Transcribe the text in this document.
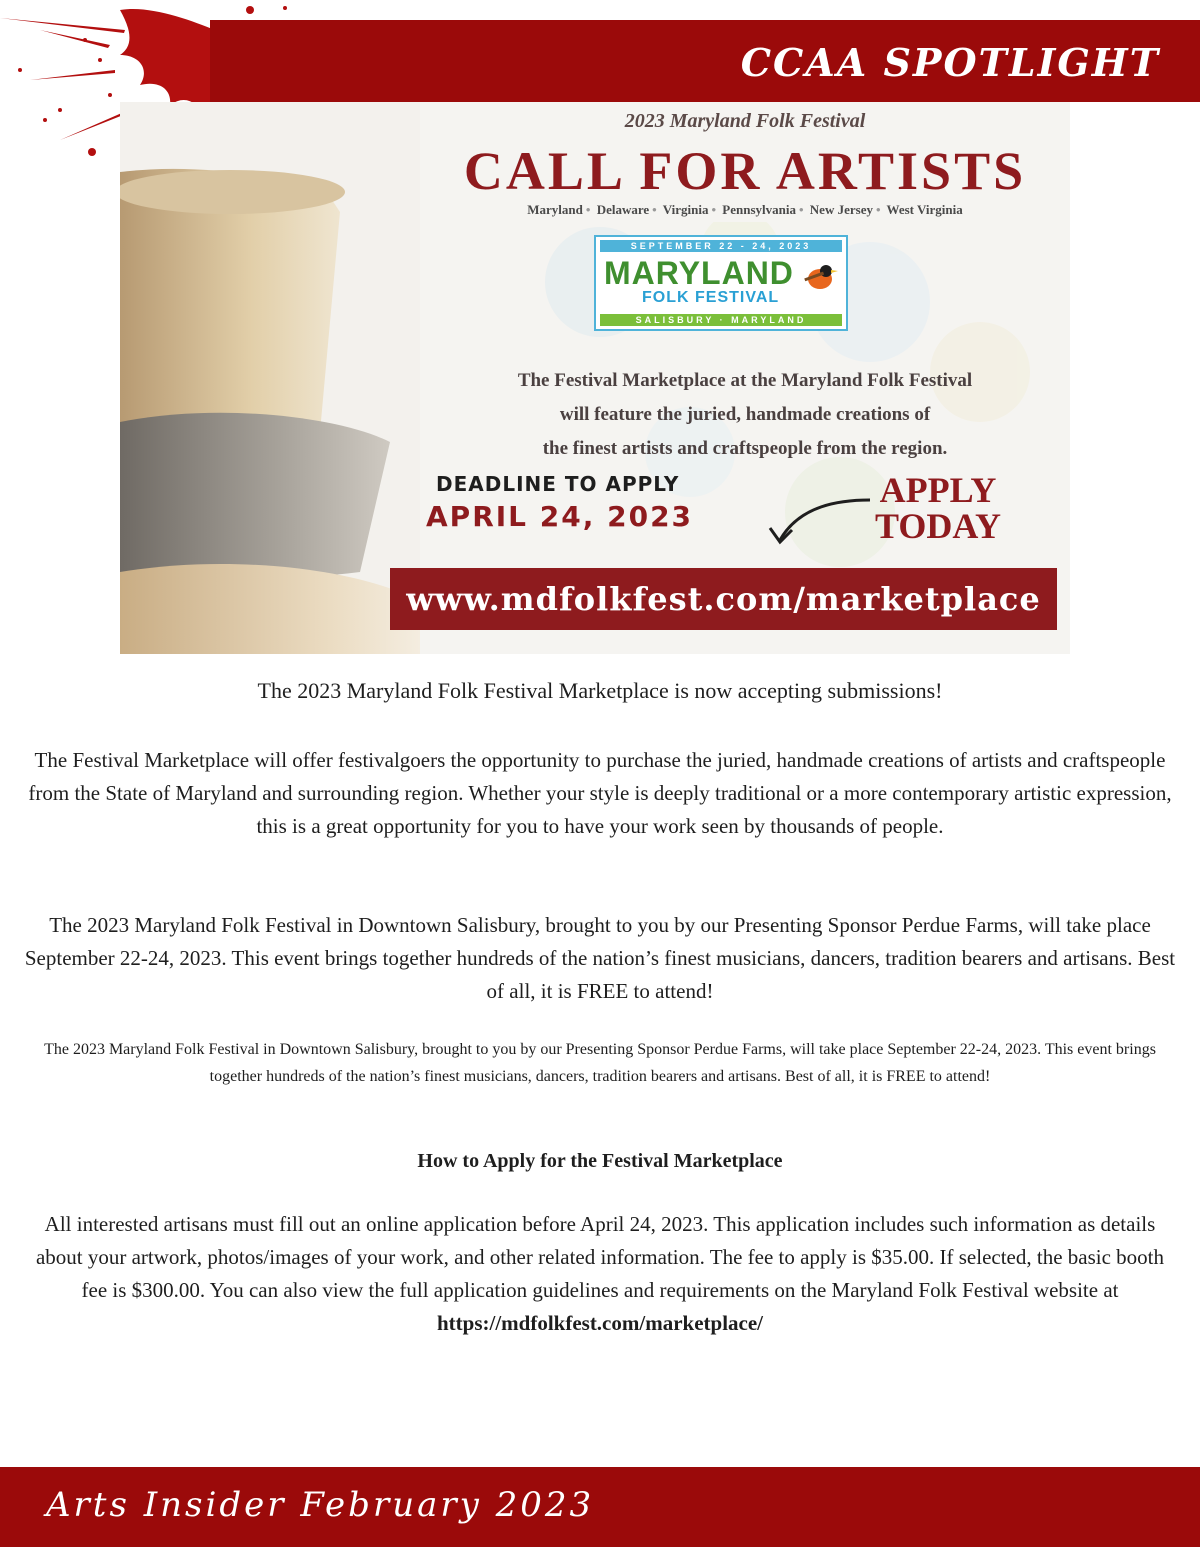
CCAA SPOTLIGHT
2023 Maryland Folk Festival
CALL FOR ARTISTS
Maryland • Delaware • Virginia • Pennsylvania • New Jersey • West Virginia
SEPTEMBER 22 - 24, 2023
MARYLAND
FOLK FESTIVAL
SALISBURY · MARYLAND
The Festival Marketplace at the Maryland Folk Festival
will feature the juried, handmade creations of
the finest artists and craftspeople from the region.
DEADLINE TO APPLY
APRIL 24, 2023
APPLY
TODAY
www.mdfolkfest.com/marketplace
The 2023 Maryland Folk Festival Marketplace is now accepting submissions!
The Festival Marketplace will offer festivalgoers the opportunity to purchase the juried, handmade creations of artists and craftspeople from the State of Maryland and surrounding region. Whether your style is deeply traditional or a more contemporary artistic expression, this is a great opportunity for you to have your work seen by thousands of people.
The 2023 Maryland Folk Festival in Downtown Salisbury, brought to you by our Presenting Sponsor Perdue Farms, will take place September 22-24, 2023. This event brings together hundreds of the nation’s finest musicians, dancers, tradition bearers and artisans. Best of all, it is FREE to attend!
The 2023 Maryland Folk Festival in Downtown Salisbury, brought to you by our Presenting Sponsor Perdue Farms, will take place September 22-24, 2023. This event brings together hundreds of the nation’s finest musicians, dancers, tradition bearers and artisans. Best of all, it is FREE to attend!
How to Apply for the Festival Marketplace
All interested artisans must fill out an online application before April 24, 2023. This application includes such information as details about your artwork, photos/images of your work, and other related information. The fee to apply is $35.00. If selected, the basic booth fee is $300.00. You can also view the full application guidelines and requirements on the Maryland Folk Festival website at https://mdfolkfest.com/marketplace/
Arts Insider February 2023
